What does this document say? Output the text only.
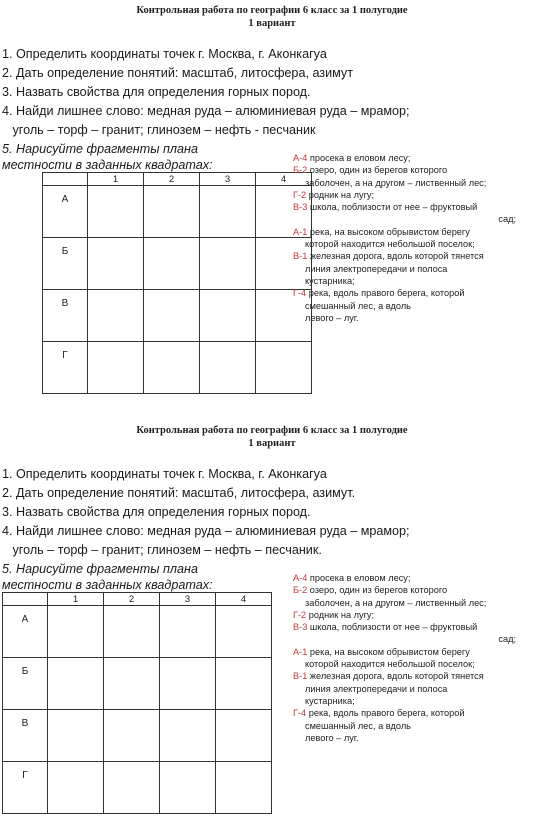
Контрольная работа по географии 6 класс за 1 полугодие
1 вариант
1. Определить координаты точек г. Москва, г. Аконкагуа
2. Дать определение понятий: масштаб, литосфера, азимут
3. Назвать свойства для определения горных пород.
4. Найди лишнее слово: медная руда – алюминиевая руда – мрамор;
уголь – торф – гранит; глинозем – нефть - песчаник
5. Нарисуйте фрагменты плана
местности в заданных квадратах:
	1	2	3	4
А				
Б				
В				
Г				
А-4 просека в еловом лесу;
Б-2 озеро, один из берегов которого
заболочен, а на другом – лиственный лес;
Г-2 родник на лугу;
В-3 школа, поблизости от нее – фруктовый
сад;
А-1 река, на высоком обрывистом берегу
которой находится небольшой поселок;
В-1 железная дорога, вдоль которой тянется
линия электропередачи и полоса
кустарника;
Г-4 река, вдоль правого берега, которой
смешанный лес, а вдоль
левого – луг.
Контрольная работа по географии 6 класс за 1 полугодие
1 вариант
1. Определить координаты точек г. Москва, г. Аконкагуа
2. Дать определение понятий: масштаб, литосфера, азимут.
3. Назвать свойства для определения горных пород.
4. Найди лишнее слово: медная руда – алюминиевая руда – мрамор;
уголь – торф – гранит; глинозем – нефть – песчаник.
5. Нарисуйте фрагменты плана
местности в заданных квадратах:
	1	2	3	4
А				
Б				
В				
Г				
А-4 просека в еловом лесу;
Б-2 озеро, один из берегов которого
заболочен, а на другом – лиственный лес;
Г-2 родник на лугу;
В-3 школа, поблизости от нее – фруктовый
сад;
А-1 река, на высоком обрывистом берегу
которой находится небольшой поселок;
В-1 железная дорога, вдоль которой тянется
линия электропередачи и полоса
кустарника;
Г-4 река, вдоль правого берега, которой
смешанный лес, а вдоль
левого – луг.
